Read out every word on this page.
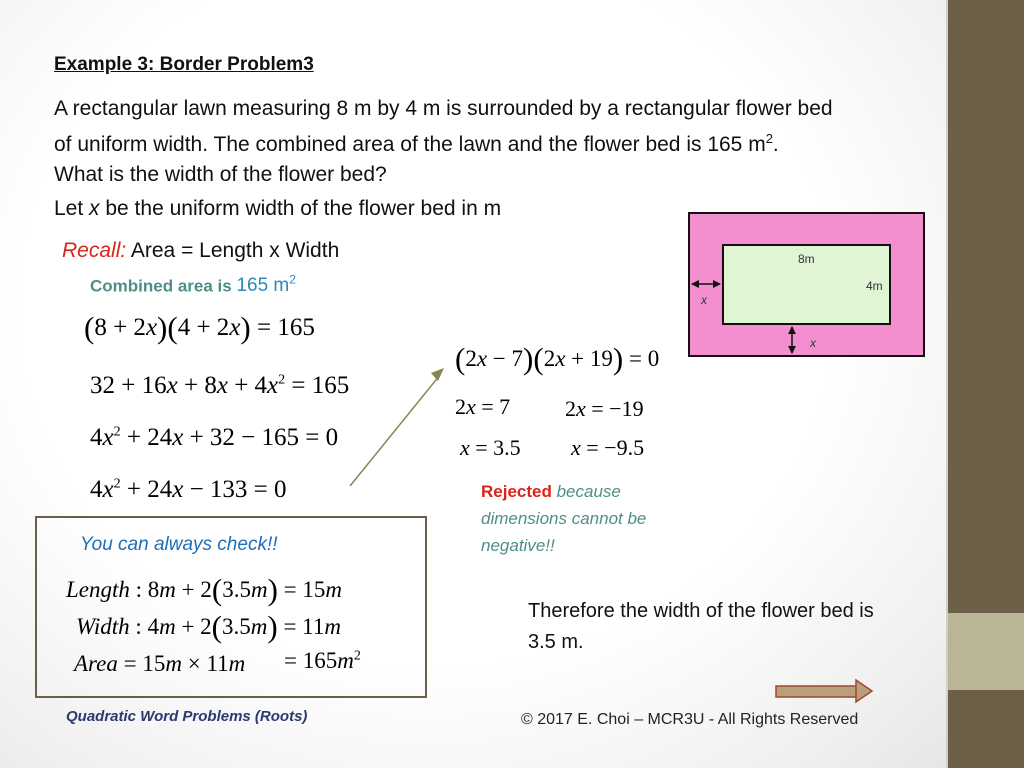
Example 3: Border Problem3
A rectangular lawn measuring 8 m by 4 m is surrounded by a rectangular flower bed
of uniform width. The combined area of the lawn and the flower bed is 165 $m^2$.
What is the width of the flower bed?
Let x be the uniform width of the flower bed in m
Recall: Area = Length x Width
Combined area is 165 $m^2$
(8 + 2x)(4 + 2x) = 165
$32 + 16x + 8x + 4x^2 = 165$
$4x^2 + 24x + 32 - 165 = 0$
$4x^2 + 24x - 133 = 0$
(2x − 7)(2x + 19) = 0
2x = 7 2x = −19
x = 3.5 x = −9.5
Rejected because dimensions cannot be negative!!
You can always check!!
Length : 8m + 2(3.5m) = 15m
Width : 4m + 2(3.5m) = 11m
Area = $15m \times 11m = 165m^2$
Therefore the width of the flower bed is 3.5 m.
Quadratic Word Problems (Roots)	© 2017 E. Choi – MCR3U - All Rights Reserved
8m
4m
x
x
